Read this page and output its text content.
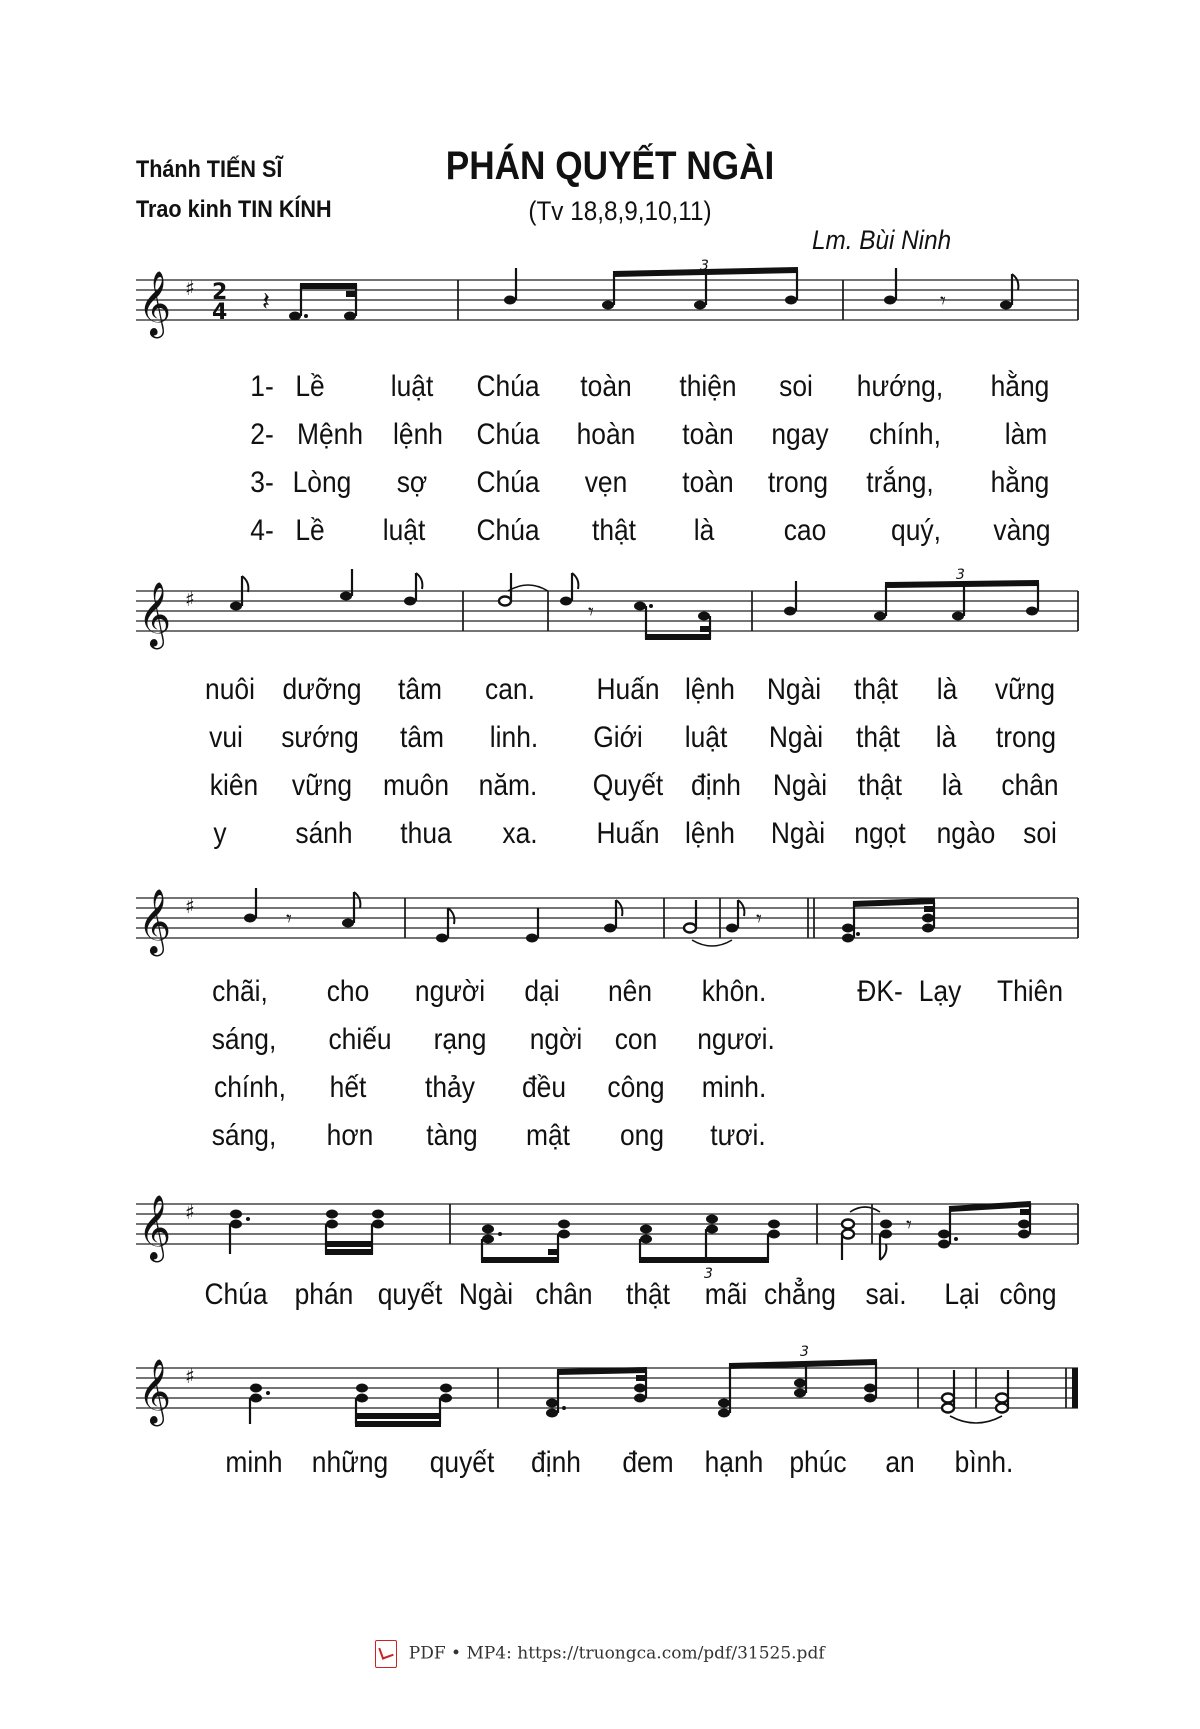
Thánh TIẾN SĨ
Trao kinh TIN KÍNH
PHÁN QUYẾT NGÀI
(Tv 18,8,9,10,11)
Lm. Bùi Ninh
𝄞 ♯ 2
4 𝄽
3
𝄾
1- Lề luật Chúa toàn thiện soi hướng, hằng
2- Mệnh lệnh Chúa hoàn toàn ngay chính, làm
3- Lòng sợ Chúa vẹn toàn trong trắng, hằng
4- Lề luật Chúa thật là cao quý, vàng
𝄞 ♯
𝄾
3
nuôi dưỡng tâm can. Huấn lệnh Ngài thật là vững
vui sướng tâm linh. Giới luật Ngài thật là trong
kiên vững muôn năm. Quyết định Ngài thật là chân
y sánh thua xa. Huấn lệnh Ngài ngọt ngào soi
𝄞 ♯
𝄾	𝄾
chãi, cho người dại nên khôn.	ĐK- Lạy Thiên
sáng, chiếu rạng ngời con ngươi.
chính, hết thảy đều công minh.
sáng, hơn tàng mật ong tươi.
𝄞 ♯
3
𝄾
Chúa phán quyết Ngài chân thật mãi chẳng sai. Lại công
𝄞 ♯
3
minh những quyết định đem hạnh phúc an bình.
PDF • MP4: https://truongca.com/pdf/31525.pdf
